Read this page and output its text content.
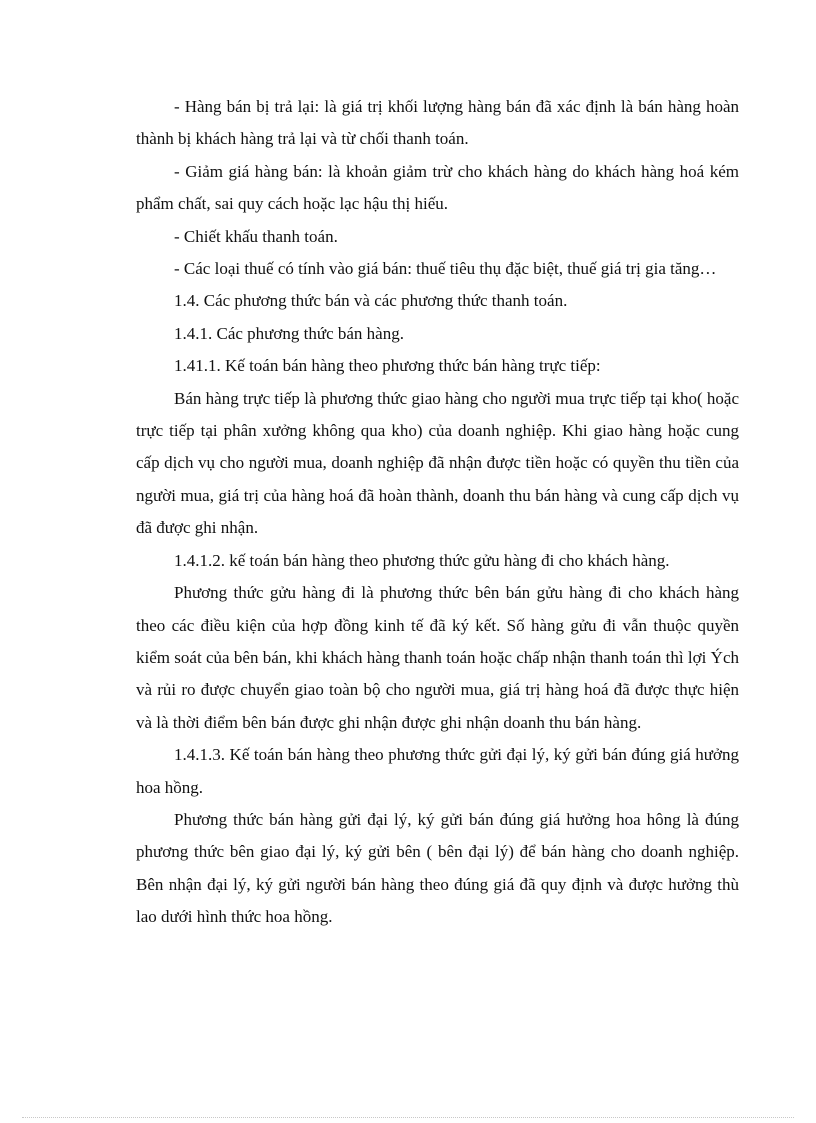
- Hàng bán bị trả lại: là giá trị khối lượng hàng bán đã xác định là bán hàng hoàn thành bị khách hàng trả lại và từ chối thanh toán.

- Giảm giá hàng bán: là khoản giảm trừ cho khách hàng do khách hàng hoá kém phẩm chất, sai quy cách hoặc lạc hậu thị hiếu.

- Chiết khấu thanh toán.

- Các loại thuế có tính vào giá bán: thuế tiêu thụ đặc biệt, thuế giá trị gia tăng…

1.4. Các phương thức bán và các phương thức thanh toán.

1.4.1. Các phương thức bán hàng.

1.41.1. Kế toán bán hàng theo phương thức bán hàng trực tiếp:

Bán hàng trực tiếp là phương thức giao hàng cho người mua trực tiếp tại kho( hoặc trực tiếp tại phân xưởng không qua kho) của doanh nghiệp. Khi giao hàng hoặc cung cấp dịch vụ cho người mua, doanh nghiệp đã nhận được tiền hoặc có quyền thu tiền của người mua, giá trị của hàng hoá đã hoàn thành, doanh thu bán hàng và cung cấp dịch vụ đã được ghi nhận.

1.4.1.2. kế toán bán hàng theo phương thức gửu hàng đi cho khách hàng.

Phương thức gửu hàng đi là phương thức bên bán gửu hàng đi cho khách hàng theo các điều kiện của hợp đồng kinh tế đã ký kết. Số hàng gửu đi vẫn thuộc quyền kiểm soát của bên bán, khi khách hàng thanh toán hoặc chấp nhận thanh toán thì lợi Ých và rủi ro được chuyển giao toàn bộ cho người mua, giá trị hàng hoá đã được thực hiện và là thời điểm bên bán được ghi nhận được ghi nhận doanh thu bán hàng.

1.4.1.3. Kế toán bán hàng theo phương thức gửi đại lý, ký gửi bán đúng giá hưởng hoa hồng.

Phương thức bán hàng gửi đại lý, ký gửi bán đúng giá hưởng hoa hông là đúng phương thức bên giao đại lý, ký gửi bên ( bên đại lý) để bán hàng cho doanh nghiệp. Bên nhận đại lý, ký gửi người bán hàng theo đúng giá đã quy định và được hưởng thù lao dưới hình thức hoa hồng.
